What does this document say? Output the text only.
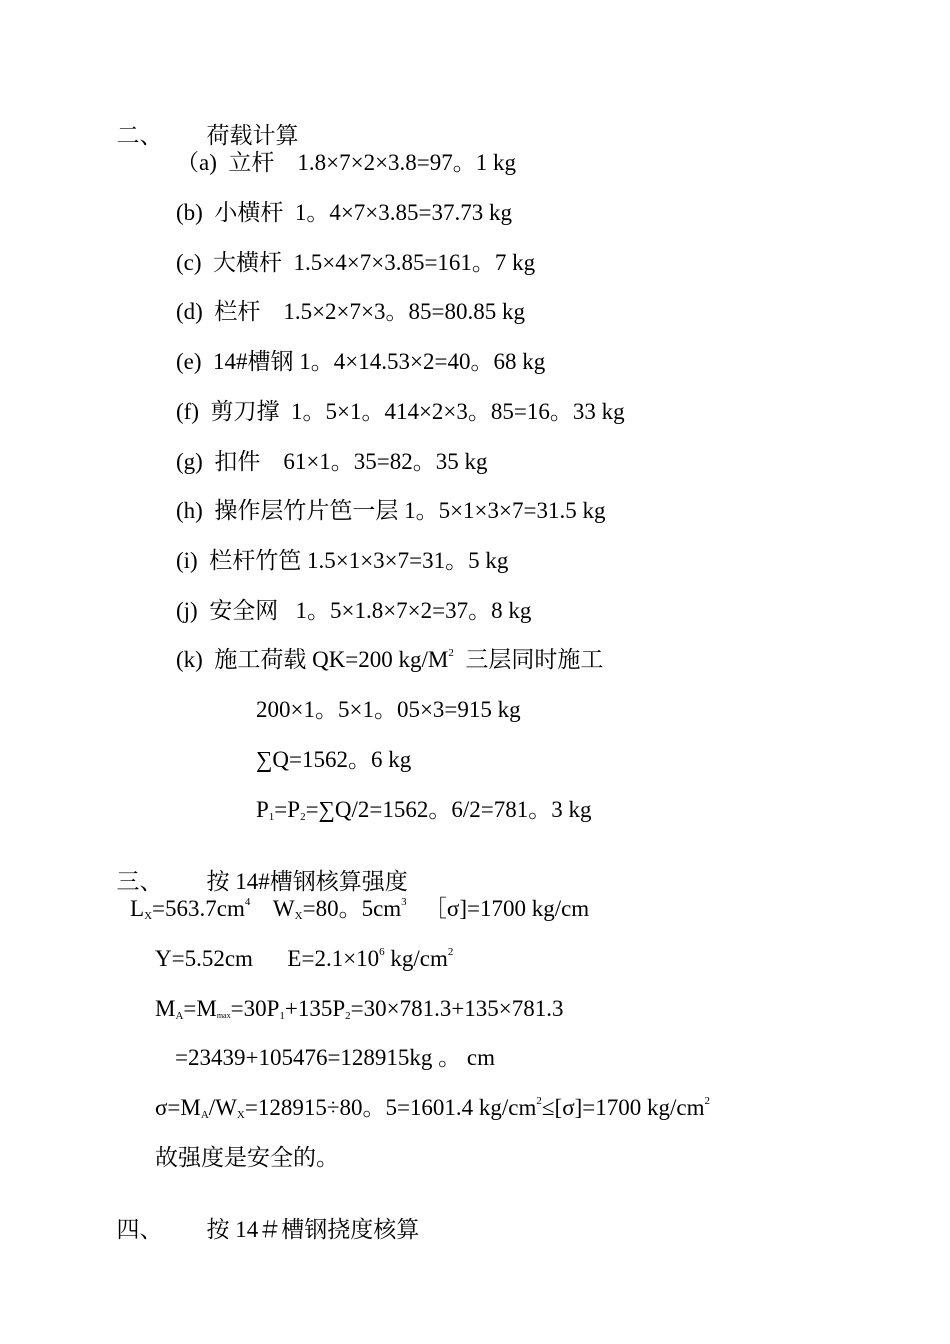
二、 荷载计算

（a) 立杆    1.8×7×2×3.8=97。1 kg
(b) 小横杆  1。4×7×3.85=37.73 kg
(c) 大横杆  1.5×4×7×3.85=161。7 kg
(d) 栏杆    1.5×2×7×3。85=80.85 kg
(e) 14#槽钢 1。4×14.53×2=40。68 kg
(f) 剪刀撑  1。5×1。414×2×3。85=16。33 kg
(g) 扣件    61×1。35=82。35 kg
(h) 操作层竹片笆一层 1。5×1×3×7=31.5 kg
(i) 栏杆竹笆 1.5×1×3×7=31。5 kg
(j) 安全网   1。5×1.8×7×2=37。8 kg
(k) 施工荷载 QK=200 $kg/M^2$  三层同时施工
200×1。5×1。05×3=915 kg
∑Q=1562。6 kg
$P_1=P_2=\sum Q/2=1562$。6/2=781。3 kg

三、 按 14#槽钢核算强度

$L_X=563.7cm^4$    $W_X=80$。$5cm^3$   ［σ]=1700 kg/cm
Y=5.52cm      $E=2.1\times 10^6$ $kg/cm^2$
$M_A=M_{max}=30P_1+135P_2=30\times 781.3+135\times 781.3$
=23439+105476=128915kg 。 cm
$\sigma=M_A/W_X=128915\div 80$。5=1601.4 $kg/cm^2\le[\sigma]=1700$ $kg/cm^2$
故强度是安全的。

四、 按 14＃槽钢挠度核算
